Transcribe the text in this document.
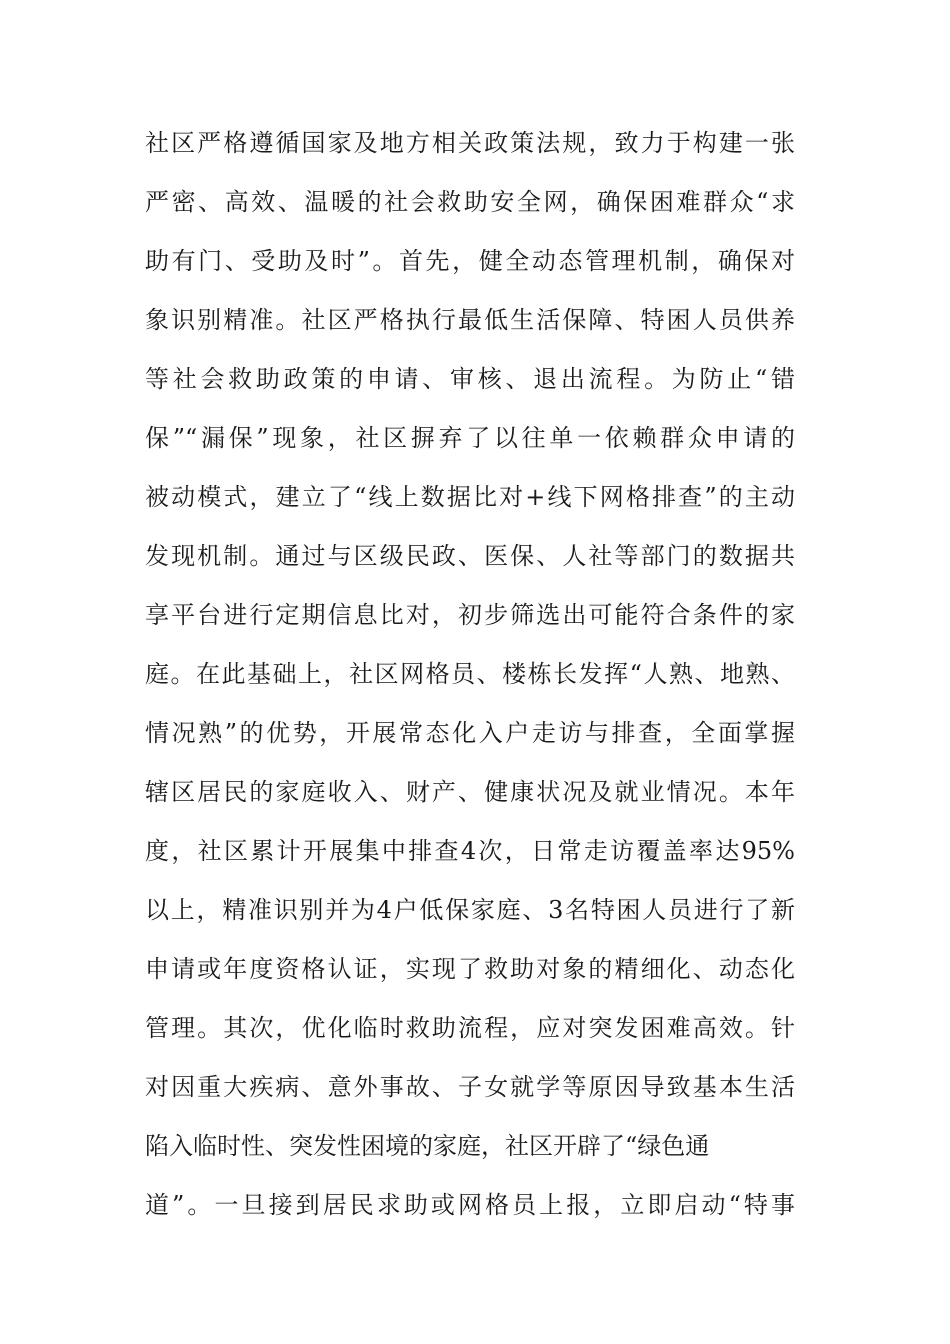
社区严格遵循国家及地方相关政策法规，致力于构建一张
严密、高效、温暖的社会救助安全网，确保困难群众“求
助有门、受助及时”。首先，健全动态管理机制，确保对
象识别精准。社区严格执行最低生活保障、特困人员供养
等社会救助政策的申请、审核、退出流程。为防止“错
保”“漏保”现象，社区摒弃了以往单一依赖群众申请的
被动模式，建立了“线上数据比对+线下网格排查”的主动
发现机制。通过与区级民政、医保、人社等部门的数据共
享平台进行定期信息比对，初步筛选出可能符合条件的家
庭。在此基础上，社区网格员、楼栋长发挥“人熟、地熟、
情况熟”的优势，开展常态化入户走访与排查，全面掌握
辖区居民的家庭收入、财产、健康状况及就业情况。本年
度，社区累计开展集中排查4次，日常走访覆盖率达95%
以上，精准识别并为4户低保家庭、3名特困人员进行了新
申请或年度资格认证，实现了救助对象的精细化、动态化
管理。其次，优化临时救助流程，应对突发困难高效。针
对因重大疾病、意外事故、子女就学等原因导致基本生活
陷入临时性、突发性困境的家庭，社区开辟了“绿色通
道”。一旦接到居民求助或网格员上报，立即启动“特事
